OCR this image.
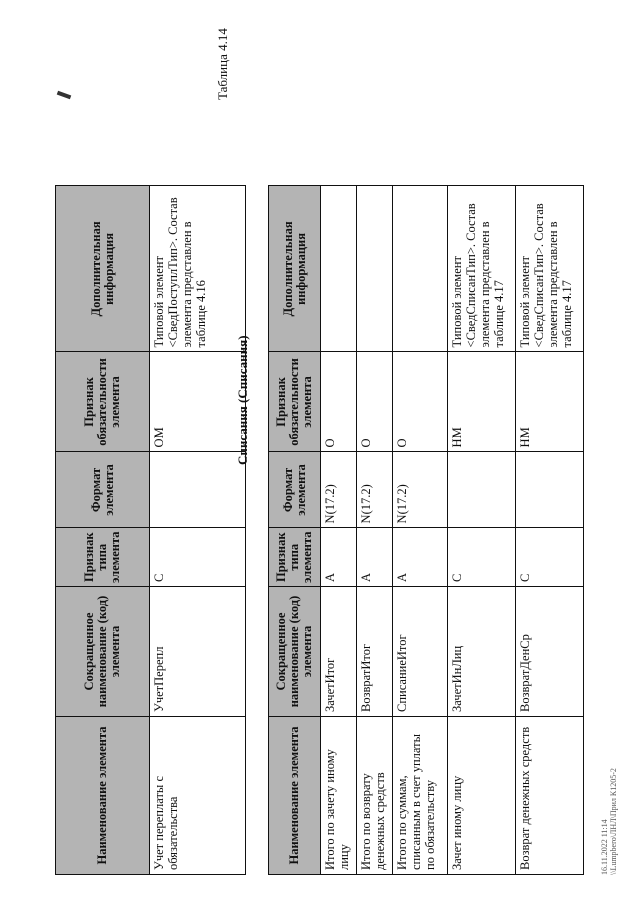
Наименование элемента	Сокращенное наименование (код) элемента	Признак типа элемента	Формат элемента	Признак обязательности элемента	Дополнительная информация
Учет переплаты с обязательства	УчетПерепл	С		ОМ	Типовой элемент <СведПоступлТип>. Состав элемента представлен в таблице 4.16
Таблица 4.14
Списания (Списания)
Наименование элемента	Сокращенное наименование (код) элемента	Признак типа элемента	Формат элемента	Признак обязательности элемента	Дополнительная информация
Итого по зачету иному лицу	ЗачетИтог	А	N(17.2)	О	
Итого по возврату денежных средств	ВозвратИтог	А	N(17.2)	О	
Итого по суммам, списанным в счет уплаты по обязательству	СписаниеИтог	А	N(17.2)	О	
Зачет иному лицу	ЗачетИнЛиц	С		НМ	Типовой элемент <СведСписанТип>. Состав элемента представлен в таблице 4.17
Возврат денежных средств	ВозвратДенСр	С		НМ	Типовой элемент <СведСписанТип>. Состав элемента представлен в таблице 4.17
16.11.2022 11:14 \\Lumpbero\ЛНЛ\Прил К1205-2
